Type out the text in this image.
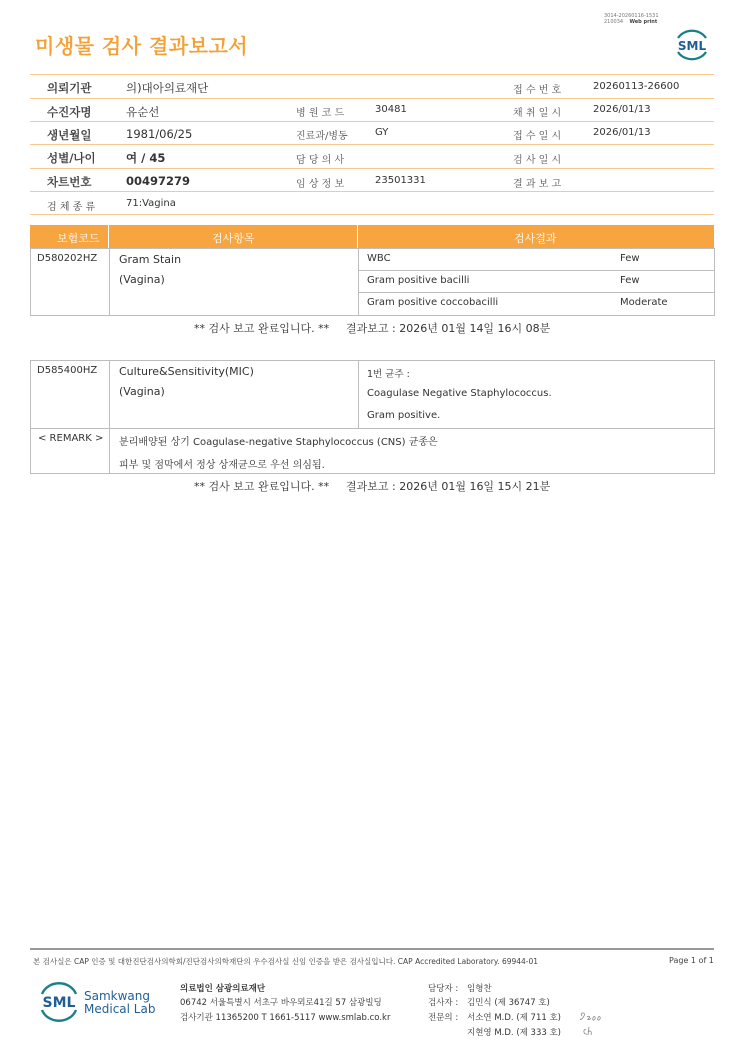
3014-20260116-1531
210034 Web print
미생물 검사 결과보고서	SML
의뢰기관	의)대아의료재단	접 수 번 호	20260113-26600
수진자명	유순선	병 원 코 드	30481	채 취 일 시	2026/01/13
생년월일	1981/06/25	진료과/병동	GY	접 수 일 시	2026/01/13
성별/나이	여 / 45	담 당 의 사	검 사 일 시
차트번호	00497279	임 상 정 보	23501331	결 과 보 고
검 체 종 류	71:Vagina
보험코드	검사항목	검사결과
D580202HZ Gram Stain
(Vagina)
WBC	Few
Gram positive bacilli	Few
Gram positive coccobacilli	Moderate
** 검사 보고 완료입니다. ** 결과보고 : 2026년 01월 14일 16시 08분
D585400HZ Culture&Sensitivity(MIC)
(Vagina)
1번 균주 :
Coagulase Negative Staphylococcus.
Gram positive.
< REMARK > 분리배양된 상기 Coagulase-negative Staphylococcus (CNS) 균종은
피부 및 점막에서 정상 상재균으로 우선 의심됨.
** 검사 보고 완료입니다. ** 결과보고 : 2026년 01월 16일 15시 21분
본 검사실은 CAP 인증 및 대한진단검사의학회/진단검사의학재단의 우수검사실 신임 인증을 받은 검사실입니다. CAP Accredited Laboratory. 69944-01	Page 1 of 1
SML Samkwang
Medical Lab
의료법인 삼광의료재단
06742 서울특별시 서초구 바우뫼로41길 57 삼광빌딩
검사기관 11365200 T 1661-5117 www.smlab.co.kr
담당자 : 임형찬
검사자 : 김민식 (제 36747 호)
전문의 : 서소연 M.D. (제 711 호)
지현영 M.D. (제 333 호)
